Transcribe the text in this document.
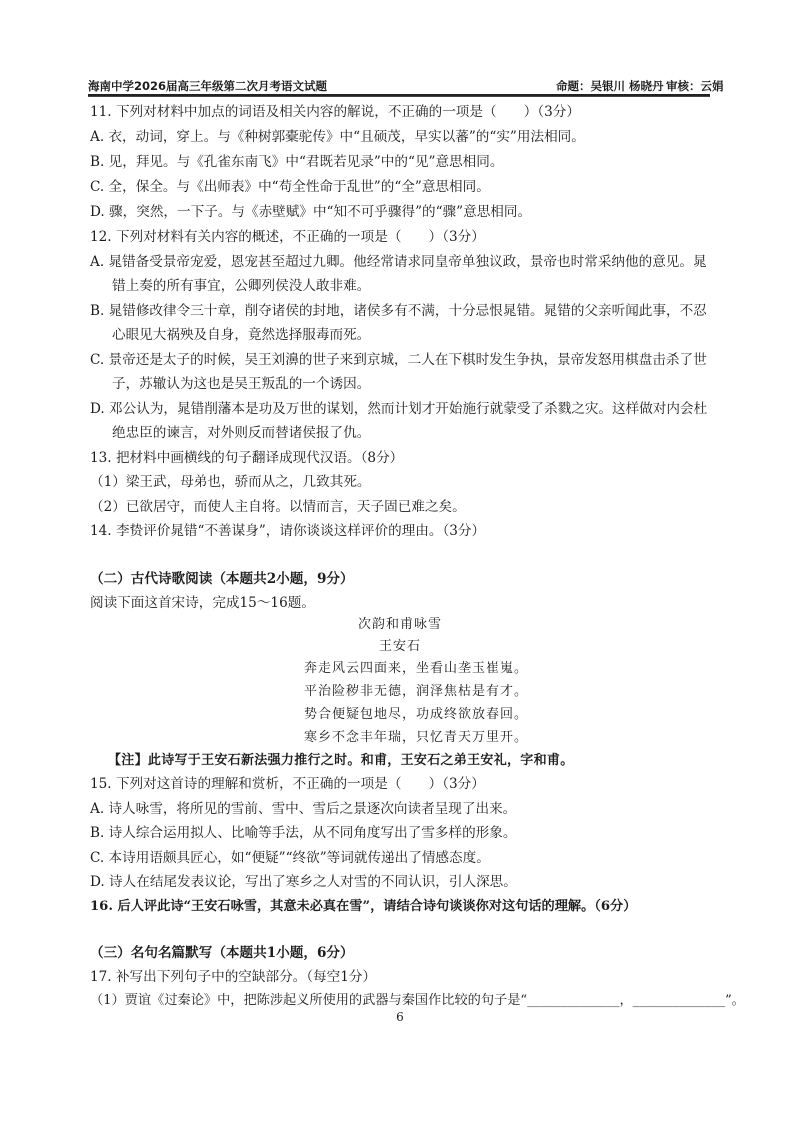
海南中学2026届高三年级第二次月考语文试题	命题：吴银川 杨晓丹 审核：云娟
11. 下列对材料中加点的词语及相关内容的解说，不正确的一项是（　　）（3分）
A. 衣，动词，穿上。与《种树郭橐驼传》中“且硕茂，早实以蕃”的“实”用法相同。
B. 见，拜见。与《孔雀东南飞》中“君既若见录”中的“见”意思相同。
C. 全，保全。与《出师表》中“苟全性命于乱世”的“全”意思相同。
D. 骤，突然，一下子。与《赤壁赋》中“知不可乎骤得”的“骤”意思相同。
12. 下列对材料有关内容的概述，不正确的一项是（　　）（3分）
A. 晁错备受景帝宠爱，恩宠甚至超过九卿。他经常请求同皇帝单独议政，景帝也时常采纳他的意见。晁
错上奏的所有事宜，公卿列侯没人敢非难。
B. 晁错修改律令三十章，削夺诸侯的封地，诸侯多有不满，十分忌恨晁错。晁错的父亲听闻此事，不忍
心眼见大祸殃及自身，竟然选择服毒而死。
C. 景帝还是太子的时候，吴王刘濞的世子来到京城，二人在下棋时发生争执，景帝发怒用棋盘击杀了世
子，苏辙认为这也是吴王叛乱的一个诱因。
D. 邓公认为，晁错削藩本是功及万世的谋划，然而计划才开始施行就蒙受了杀戮之灾。这样做对内会杜
绝忠臣的谏言，对外则反而替诸侯报了仇。
13. 把材料中画横线的句子翻译成现代汉语。（8分）
（1）梁王武，母弟也，骄而从之，几致其死。
（2）已欲居守，而使人主自将。以情而言，天子固已难之矣。
14. 李贽评价晁错“不善谋身”，请你谈谈这样评价的理由。（3分）
（二）古代诗歌阅读（本题共2小题，9分）
阅读下面这首宋诗，完成15～16题。
次韵和甫咏雪
王安石
奔走风云四面来，坐看山垄玉崔嵬。
平治险秽非无德，润泽焦枯是有才。
势合便疑包地尽，功成终欲放春回。
寒乡不念丰年瑞，只忆青天万里开。
【注】此诗写于王安石新法强力推行之时。和甫，王安石之弟王安礼，字和甫。
15. 下列对这首诗的理解和赏析，不正确的一项是（　　）（3分）
A. 诗人咏雪，将所见的雪前、雪中、雪后之景逐次向读者呈现了出来。
B. 诗人综合运用拟人、比喻等手法，从不同角度写出了雪多样的形象。
C. 本诗用语颇具匠心，如“便疑”“终欲”等词就传递出了情感态度。
D. 诗人在结尾发表议论，写出了寒乡之人对雪的不同认识，引人深思。
16. 后人评此诗“王安石咏雪，其意未必真在雪”，请结合诗句谈谈你对这句话的理解。（6分）
（三）名句名篇默写（本题共1小题，6分）
17. 补写出下列句子中的空缺部分。（每空1分）
（1）贾谊《过秦论》中，把陈涉起义所使用的武器与秦国作比较的句子是“______________，______________”。
6
